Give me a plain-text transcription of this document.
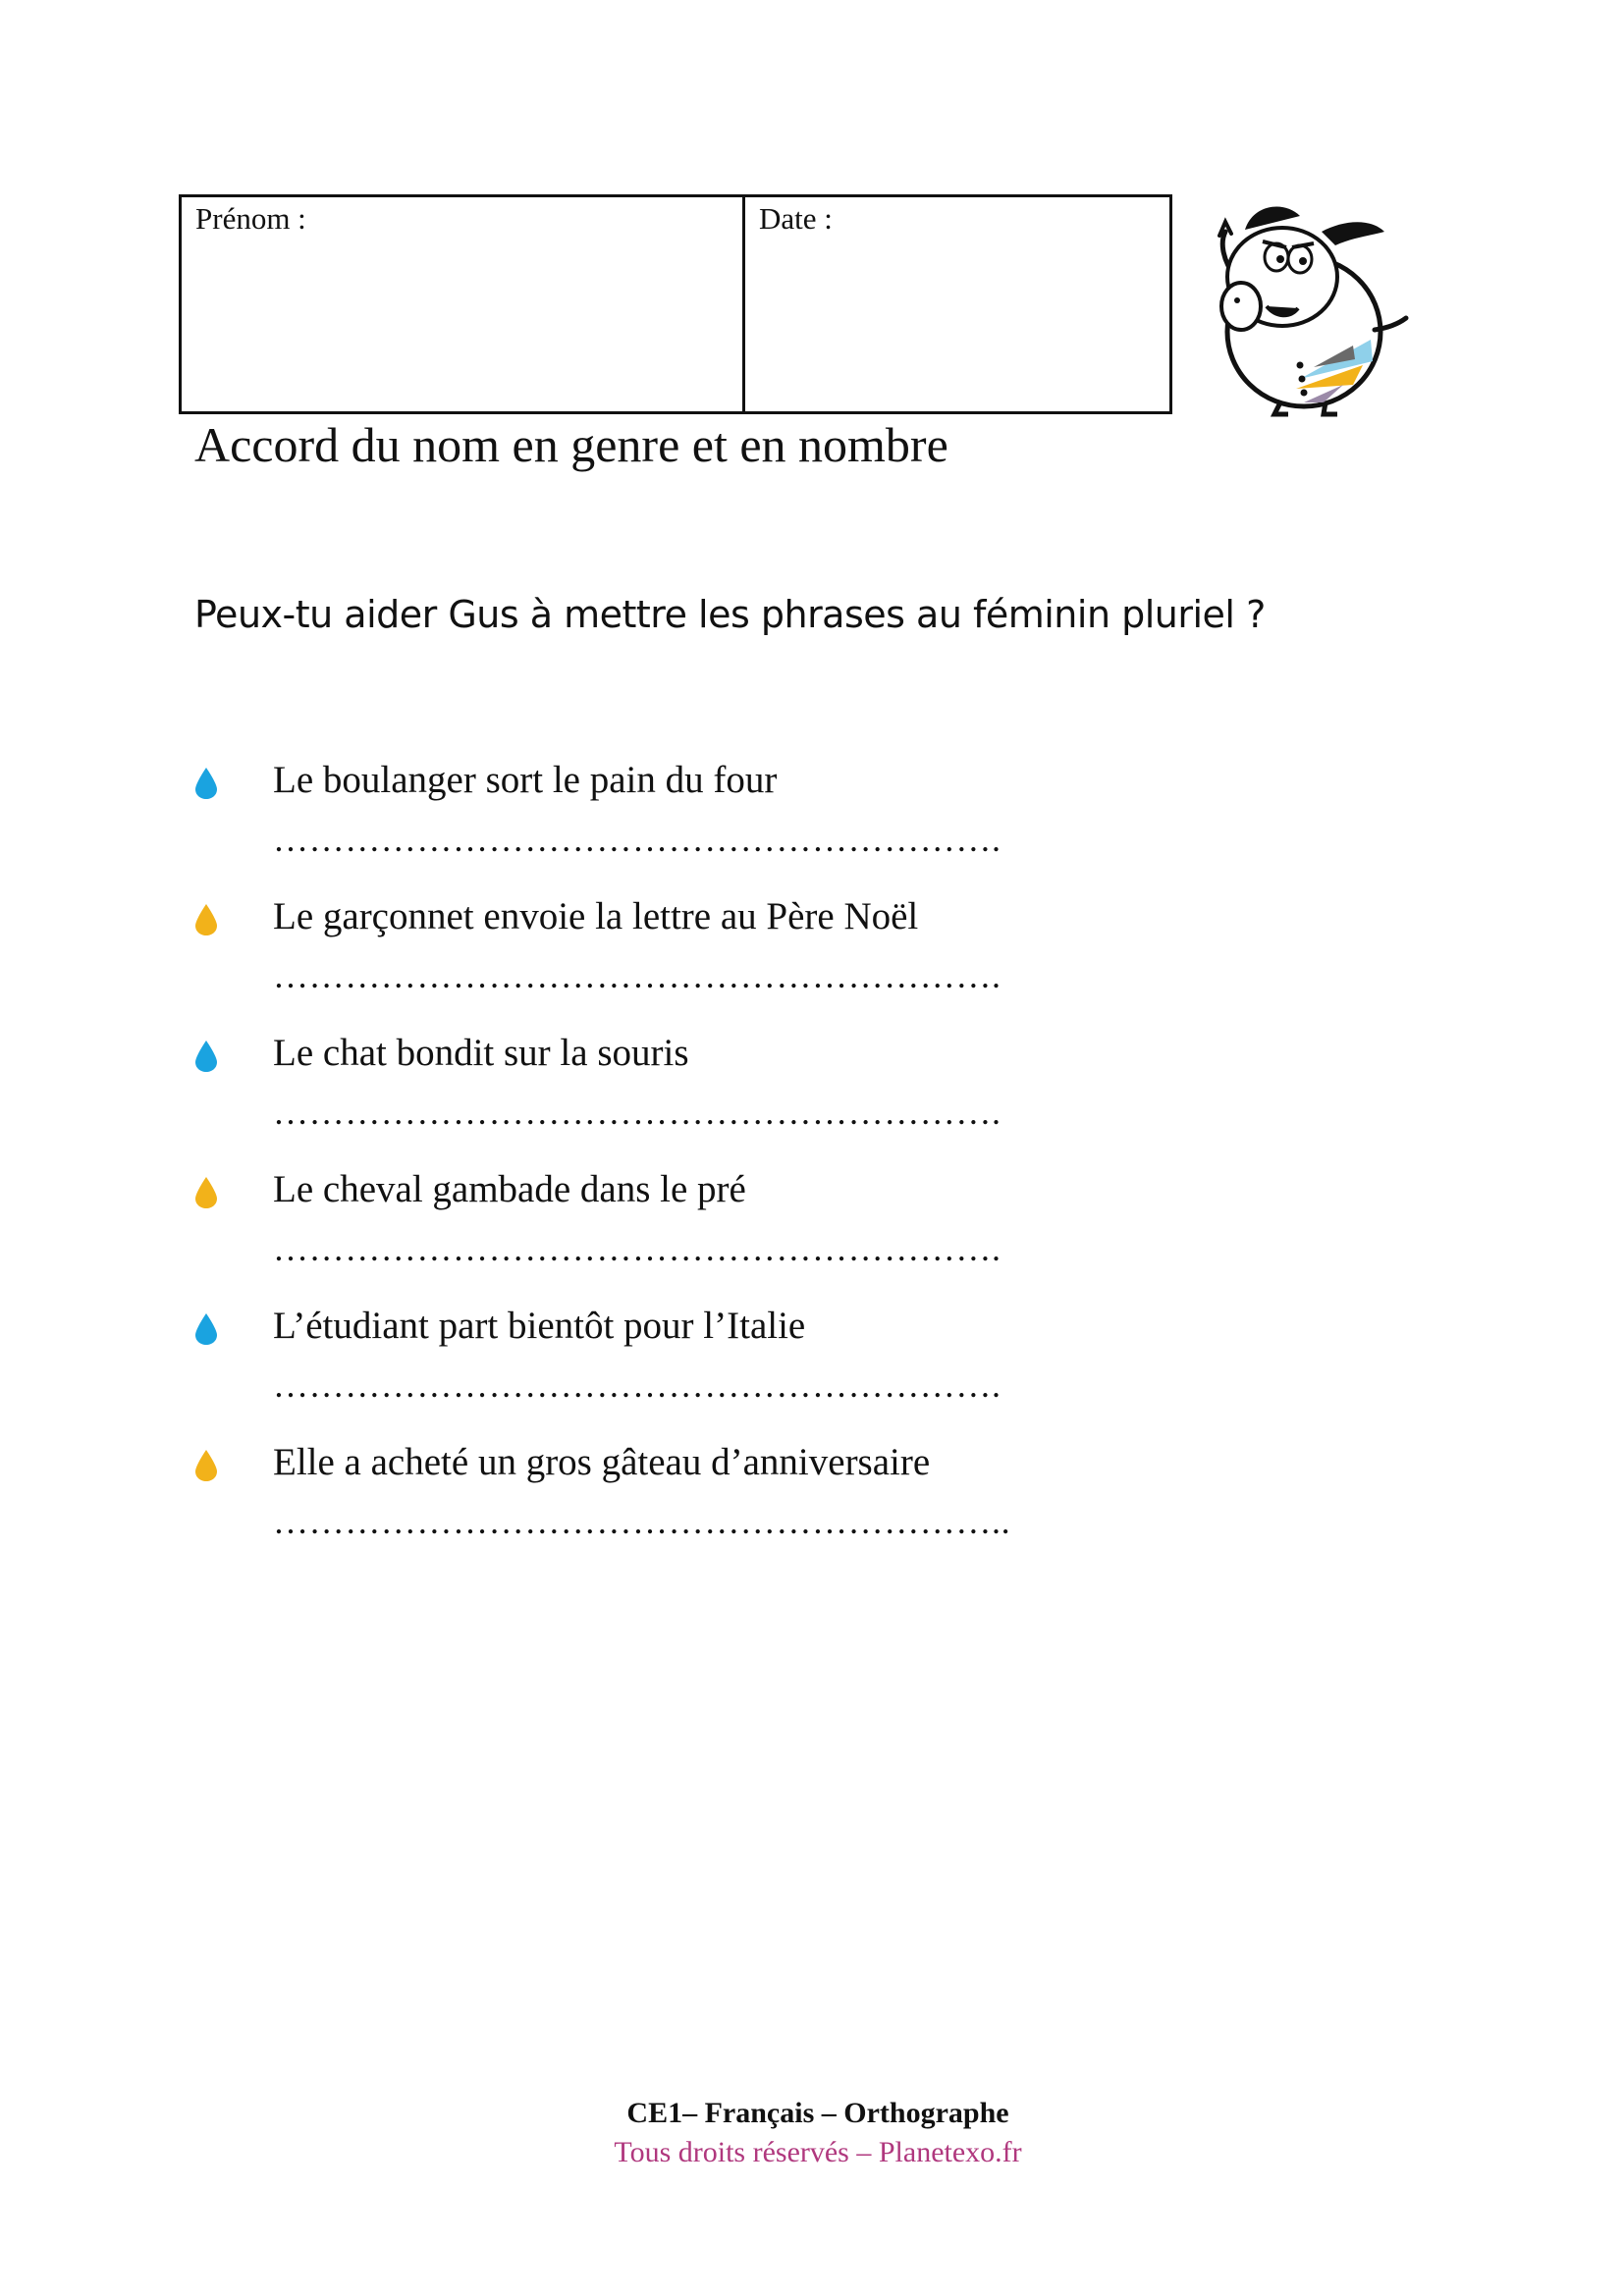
Prénom :	Date :
Accord du nom en genre et en nombre
Peux-tu aider Gus à mettre les phrases au féminin pluriel ?
Le boulanger sort le pain du four
…………………………………………………….
Le garçonnet envoie la lettre au Père Noël
…………………………………………………….
Le chat bondit sur la souris
…………………………………………………….
Le cheval gambade dans le pré
…………………………………………………….
L’étudiant part bientôt pour l’Italie
…………………………………………………….
Elle a acheté un gros gâteau d’anniversaire
……………………………………………………..
CE1– Français – Orthographe
Tous droits réservés – Planetexo.fr
